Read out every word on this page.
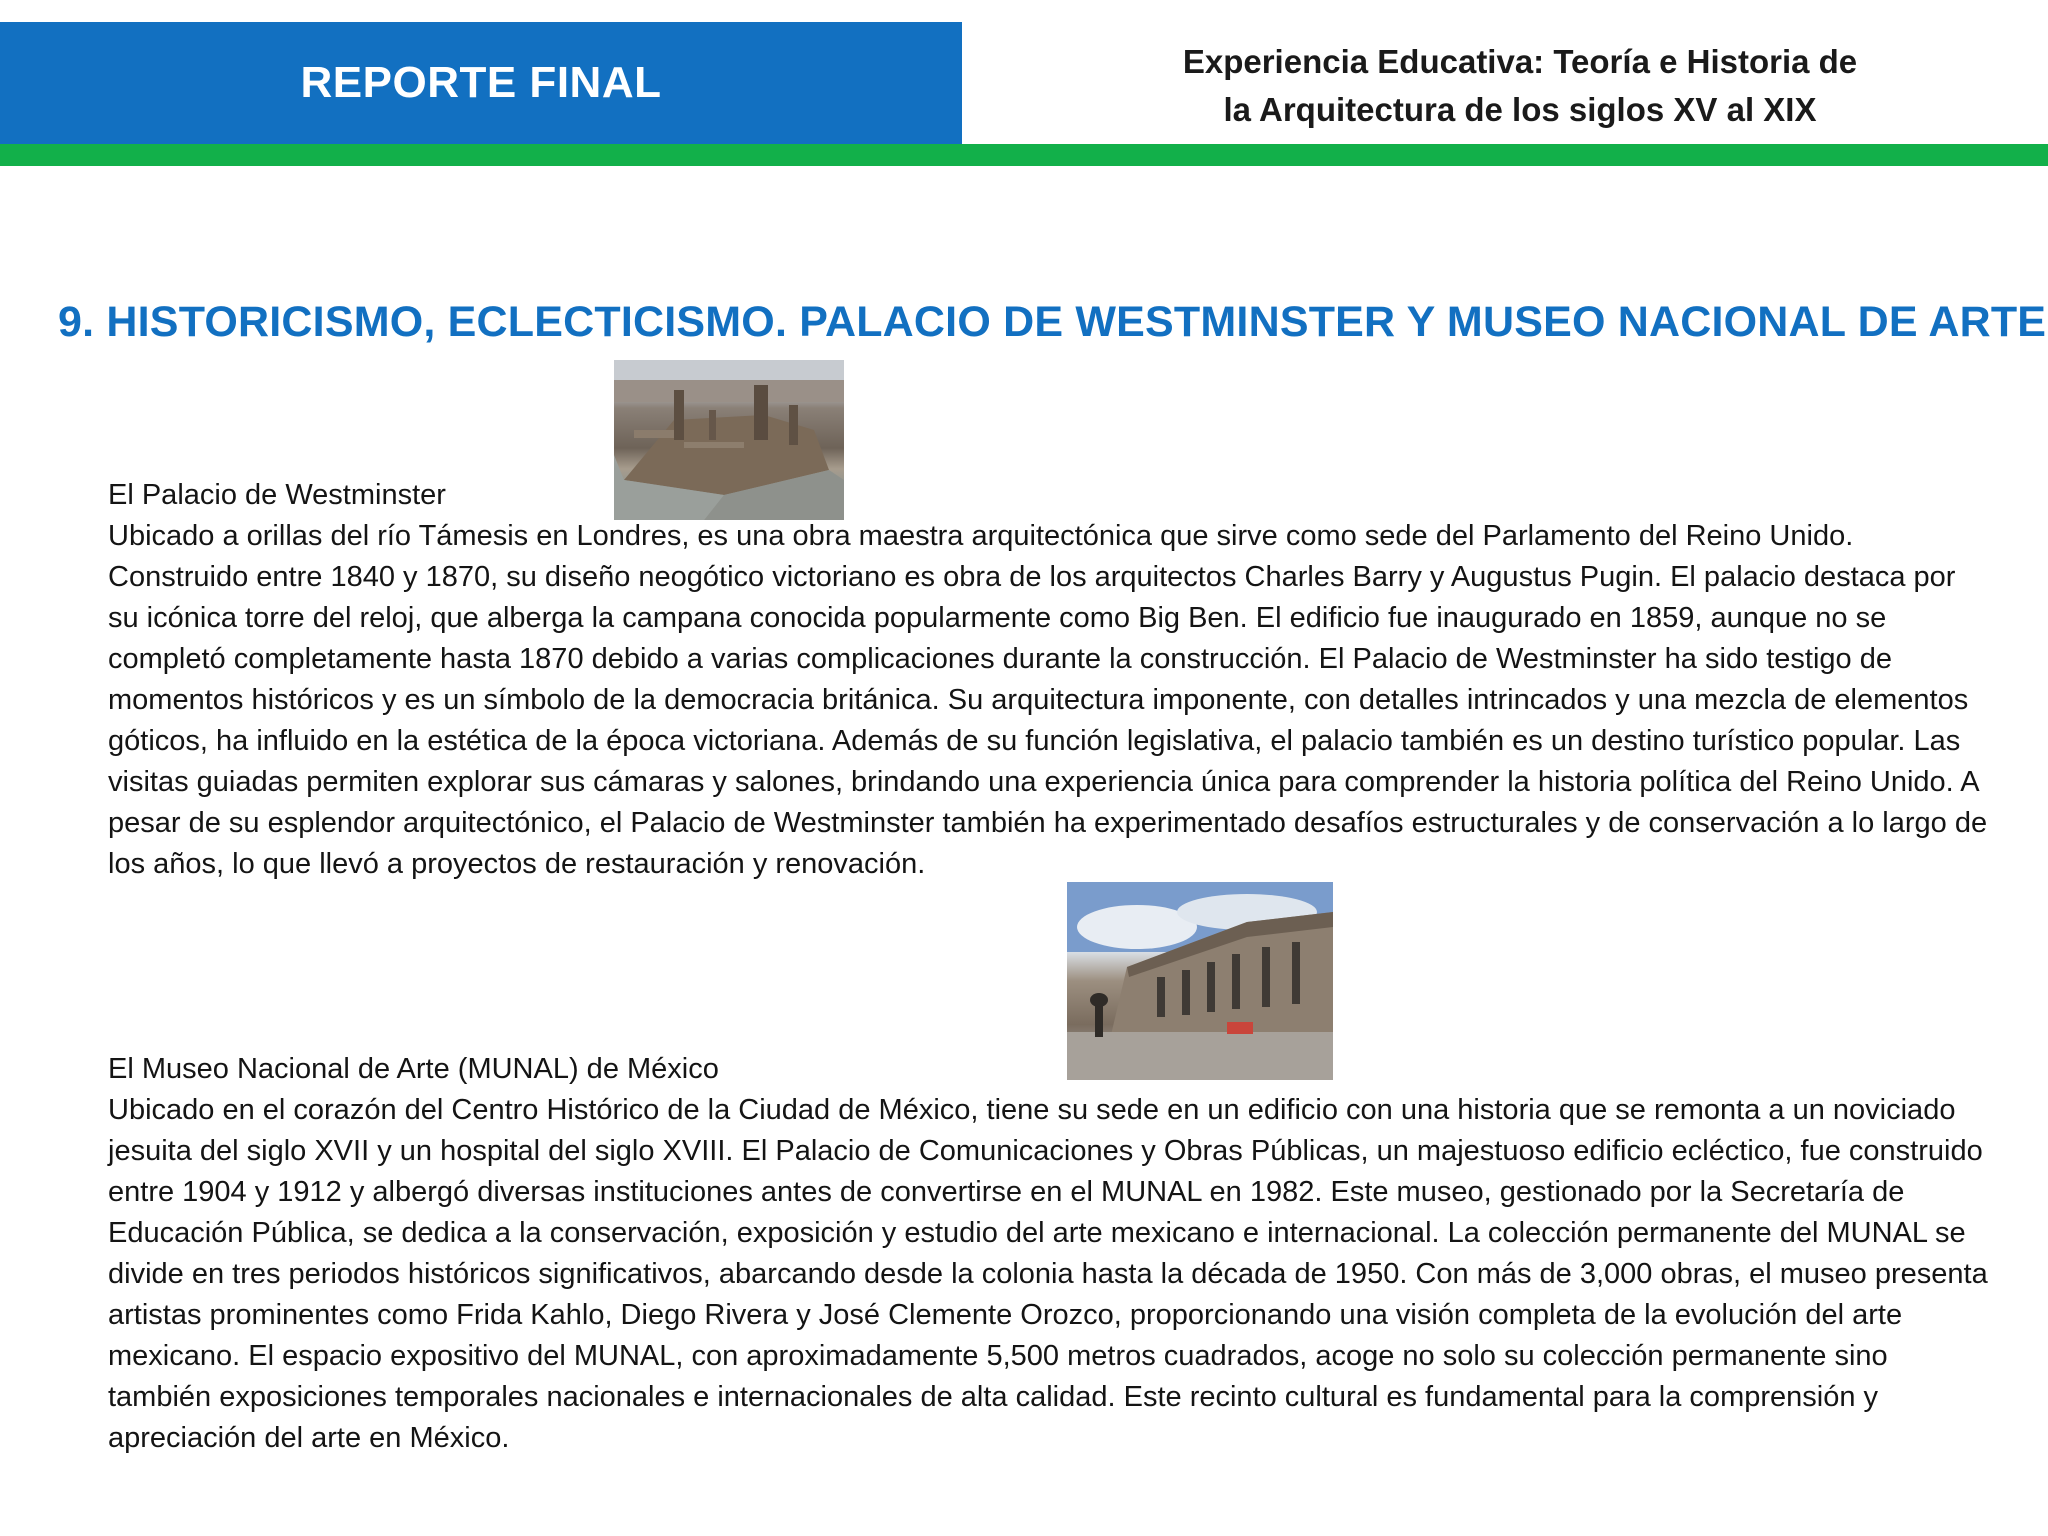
REPORTE FINAL	Experiencia Educativa: Teoría e Historia de
la Arquitectura de los siglos XV al XIX
9. HISTORICISMO, ECLECTICISMO. PALACIO DE WESTMINSTER Y MUSEO NACIONAL DE ARTE

El Palacio de Westminster

Ubicado a orillas del río Támesis en Londres, es una obra maestra arquitectónica que sirve como sede del Parlamento del Reino Unido. Construido entre 1840 y 1870, su diseño neogótico victoriano es obra de los arquitectos Charles Barry y Augustus Pugin. El palacio destaca por su icónica torre del reloj, que alberga la campana conocida popularmente como Big Ben. El edificio fue inaugurado en 1859, aunque no se completó completamente hasta 1870 debido a varias complicaciones durante la construcción. El Palacio de Westminster ha sido testigo de momentos históricos y es un símbolo de la democracia británica. Su arquitectura imponente, con detalles intrincados y una mezcla de elementos góticos, ha influido en la estética de la época victoriana. Además de su función legislativa, el palacio también es un destino turístico popular. Las visitas guiadas permiten explorar sus cámaras y salones, brindando una experiencia única para comprender la historia política del Reino Unido. A pesar de su esplendor arquitectónico, el Palacio de Westminster también ha experimentado desafíos estructurales y de conservación a lo largo de los años, lo que llevó a proyectos de restauración y renovación.

El Museo Nacional de Arte (MUNAL) de México

Ubicado en el corazón del Centro Histórico de la Ciudad de México, tiene su sede en un edificio con una historia que se remonta a un noviciado jesuita del siglo XVII y un hospital del siglo XVIII. El Palacio de Comunicaciones y Obras Públicas, un majestuoso edificio ecléctico, fue construido entre 1904 y 1912 y albergó diversas instituciones antes de convertirse en el MUNAL en 1982. Este museo, gestionado por la Secretaría de Educación Pública, se dedica a la conservación, exposición y estudio del arte mexicano e internacional. La colección permanente del MUNAL se divide en tres periodos históricos significativos, abarcando desde la colonia hasta la década de 1950. Con más de 3,000 obras, el museo presenta artistas prominentes como Frida Kahlo, Diego Rivera y José Clemente Orozco, proporcionando una visión completa de la evolución del arte mexicano. El espacio expositivo del MUNAL, con aproximadamente 5,500 metros cuadrados, acoge no solo su colección permanente sino también exposiciones temporales nacionales e internacionales de alta calidad. Este recinto cultural es fundamental para la comprensión y apreciación del arte en México.
